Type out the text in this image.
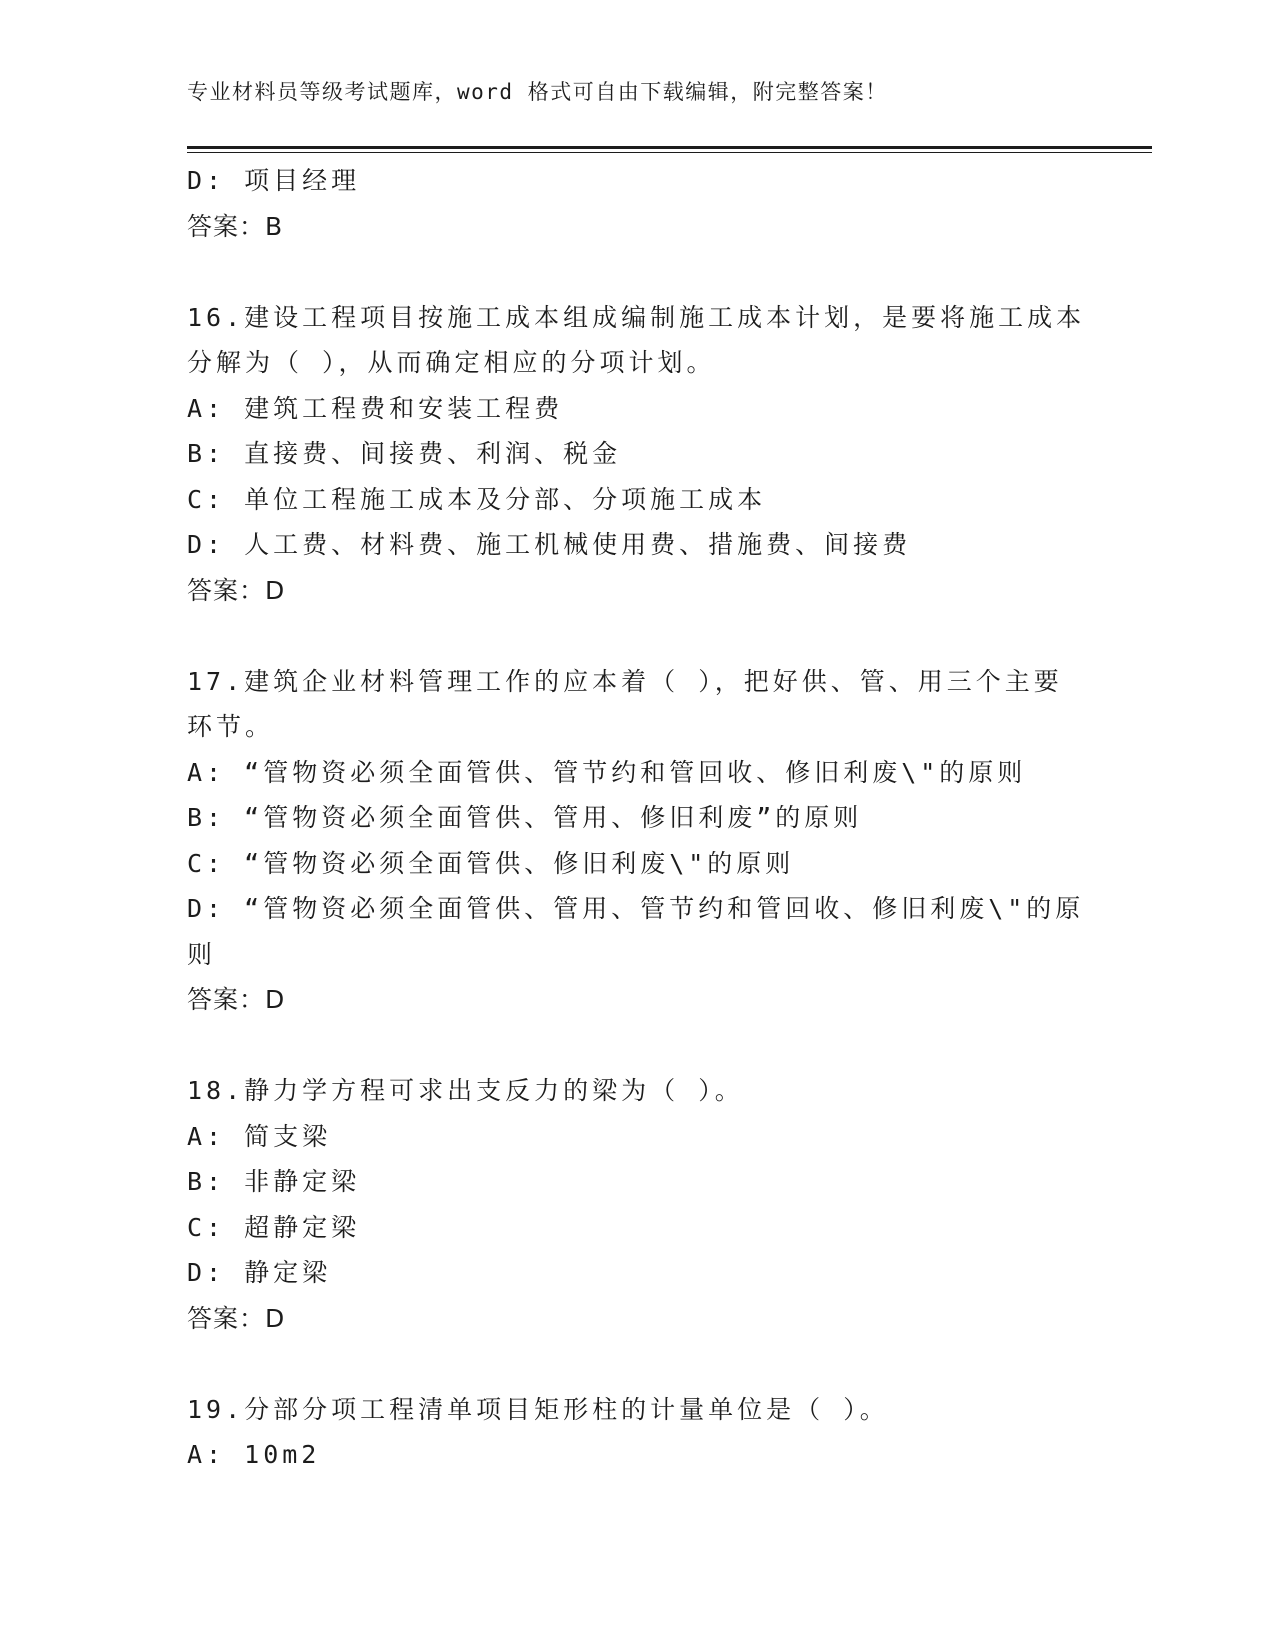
专业材料员等级考试题库，word 格式可自由下载编辑，附完整答案！
D: 项目经理
答案：B
16.建设工程项目按施工成本组成编制施工成本计划，是要将施工成本
分解为（ ），从而确定相应的分项计划。
A: 建筑工程费和安装工程费
B: 直接费、间接费、利润、税金
C: 单位工程施工成本及分部、分项施工成本
D: 人工费、材料费、施工机械使用费、措施费、间接费
答案：D
17.建筑企业材料管理工作的应本着（ ），把好供、管、用三个主要
环节。
A: “管物资必须全面管供、管节约和管回收、修旧利废\"的原则
B: “管物资必须全面管供、管用、修旧利废”的原则
C: “管物资必须全面管供、修旧利废\"的原则
D: “管物资必须全面管供、管用、管节约和管回收、修旧利废\"的原
则
答案：D
18.静力学方程可求出支反力的梁为（ ）。
A: 简支梁
B: 非静定梁
C: 超静定梁
D: 静定梁
答案：D
19.分部分项工程清单项目矩形柱的计量单位是（ ）。
A: 10m2
